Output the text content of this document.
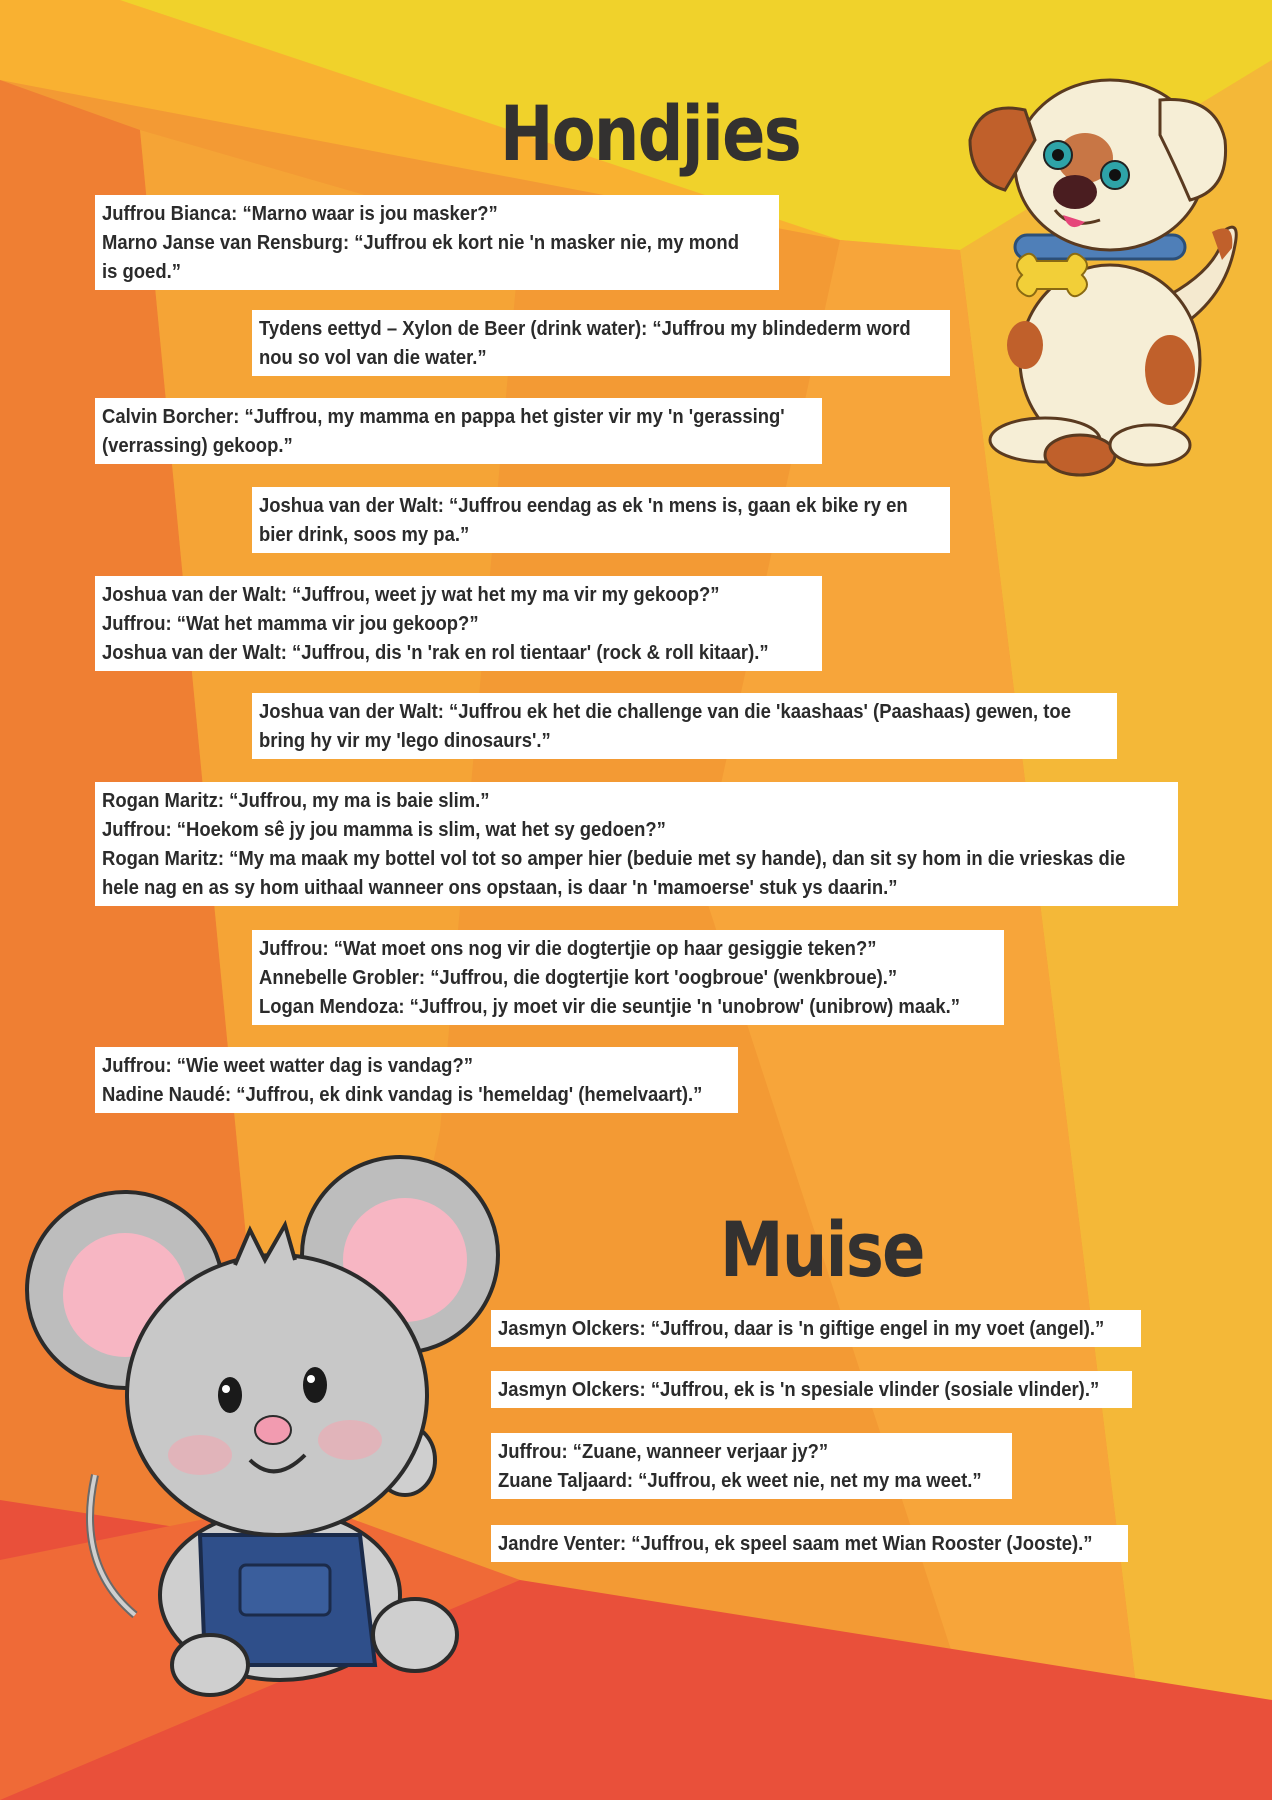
Hondjies
Muise
Juffrou Bianca: “Marno waar is jou masker?”
Marno Janse van Rensburg: “Juffrou ek kort nie 'n masker nie, my mond
is goed.”
Tydens eettyd – Xylon de Beer (drink water): “Juffrou my blindederm word
nou so vol van die water.”
Calvin Borcher: “Juffrou, my mamma en pappa het gister vir my 'n 'gerassing'
(verrassing) gekoop.”
Joshua van der Walt: “Juffrou eendag as ek 'n mens is, gaan ek bike ry en
bier drink, soos my pa.”
Joshua van der Walt: “Juffrou, weet jy wat het my ma vir my gekoop?”
Juffrou: “Wat het mamma vir jou gekoop?”
Joshua van der Walt: “Juffrou, dis 'n 'rak en rol tientaar' (rock & roll kitaar).”
Joshua van der Walt: “Juffrou ek het die challenge van die 'kaashaas' (Paashaas) gewen, toe
bring hy vir my 'lego dinosaurs'.”
Rogan Maritz: “Juffrou, my ma is baie slim.”
Juffrou: “Hoekom sê jy jou mamma is slim, wat het sy gedoen?”
Rogan Maritz: “My ma maak my bottel vol tot so amper hier (beduie met sy hande), dan sit sy hom in die vrieskas die
hele nag en as sy hom uithaal wanneer ons opstaan, is daar 'n 'mamoerse' stuk ys daarin.”
Juffrou: “Wat moet ons nog vir die dogtertjie op haar gesiggie teken?”
Annebelle Grobler: “Juffrou, die dogtertjie kort 'oogbroue' (wenkbroue).”
Logan Mendoza: “Juffrou, jy moet vir die seuntjie 'n 'unobrow' (unibrow) maak.”
Juffrou: “Wie weet watter dag is vandag?”
Nadine Naudé: “Juffrou, ek dink vandag is 'hemeldag' (hemelvaart).”
Jasmyn Olckers: “Juffrou, daar is 'n giftige engel in my voet (angel).”
Jasmyn Olckers: “Juffrou, ek is 'n spesiale vlinder (sosiale vlinder).”
Juffrou: “Zuane, wanneer verjaar jy?”
Zuane Taljaard: “Juffrou, ek weet nie, net my ma weet.”
Jandre Venter: “Juffrou, ek speel saam met Wian Rooster (Jooste).”
